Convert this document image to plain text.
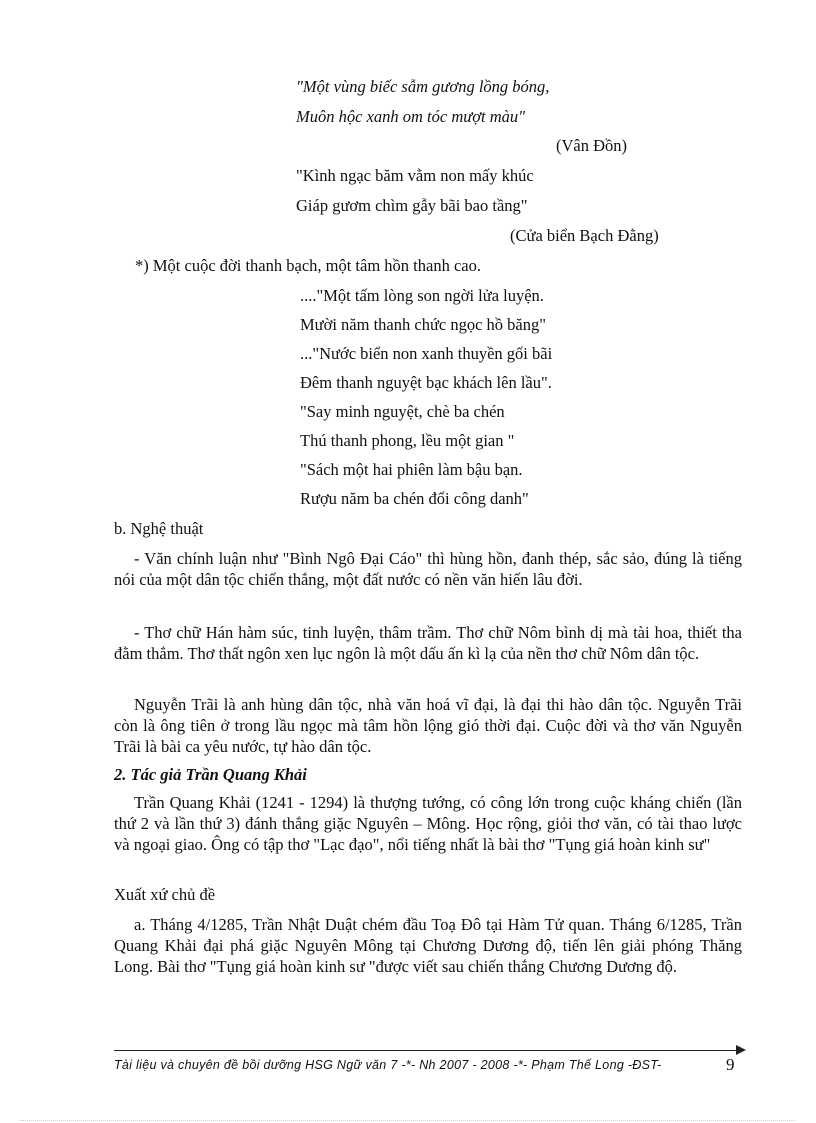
"Một vùng biếc sẫm gương lồng bóng,
Muôn hộc xanh om tóc mượt màu"
(Vân Đồn)
"Kình ngạc băm vằm non mấy khúc
Giáp gươm chìm gẫy bãi bao tầng"
(Cửa biển Bạch Đằng)
*) Một cuộc đời thanh bạch, một tâm hồn thanh cao.
...."Một tấm lòng son ngời lửa luyện.
Mười năm thanh chức ngọc hồ băng"
..."Nước biển non xanh thuyền gối bãi
Đêm thanh nguyệt bạc khách lên lầu".
"Say minh nguyệt, chè ba chén
Thú thanh phong, lều một gian "
"Sách một hai phiên làm bậu bạn.
Rượu năm ba chén đổi công danh"
b. Nghệ thuật
- Văn chính luận như "Bình Ngô Đại Cáo" thì hùng hồn, đanh thép, sắc sảo, đúng là tiếng nói của một dân tộc chiến thắng, một đất nước có nền văn hiến lâu đời.
- Thơ chữ Hán hàm súc, tinh luyện, thâm trầm. Thơ chữ Nôm bình dị mà tài hoa, thiết tha đằm thắm. Thơ thất ngôn xen lục ngôn là một dấu ấn kì lạ của nền thơ chữ Nôm dân tộc.
Nguyễn Trãi là anh hùng dân tộc, nhà văn hoá vĩ đại, là đại thi hào dân tộc. Nguyễn Trãi còn là ông tiên ở trong lầu ngọc mà tâm hồn lộng gió thời đại. Cuộc đời và thơ văn Nguyễn Trãi là bài ca yêu nước, tự hào dân tộc.
2. Tác giả Trần Quang Khải
Trần Quang Khải (1241 - 1294) là thượng tướng, có công lớn trong cuộc kháng chiến (lần thứ 2 và lần thứ 3) đánh thắng giặc Nguyên – Mông. Học rộng, giỏi thơ văn, có tài thao lược và ngoại giao. Ông có tập thơ "Lạc đạo", nổi tiếng nhất là bài thơ "Tụng giá hoàn kinh sư"
Xuất xứ chủ đề
a. Tháng 4/1285, Trần Nhật Duật chém đầu Toạ Đô tại Hàm Tử quan. Tháng 6/1285, Trần Quang Khải đại phá giặc Nguyên Mông tại Chương Dương độ, tiến lên giải phóng Thăng Long. Bài thơ "Tụng giá hoàn kinh sư "được viết sau chiến thắng Chương Dương độ.
Tài liệu và chuyên đề bồi dưỡng HSG Ngữ văn 7 -*- Nh 2007 - 2008 -*- Phạm Thế Long -ĐST-	9
